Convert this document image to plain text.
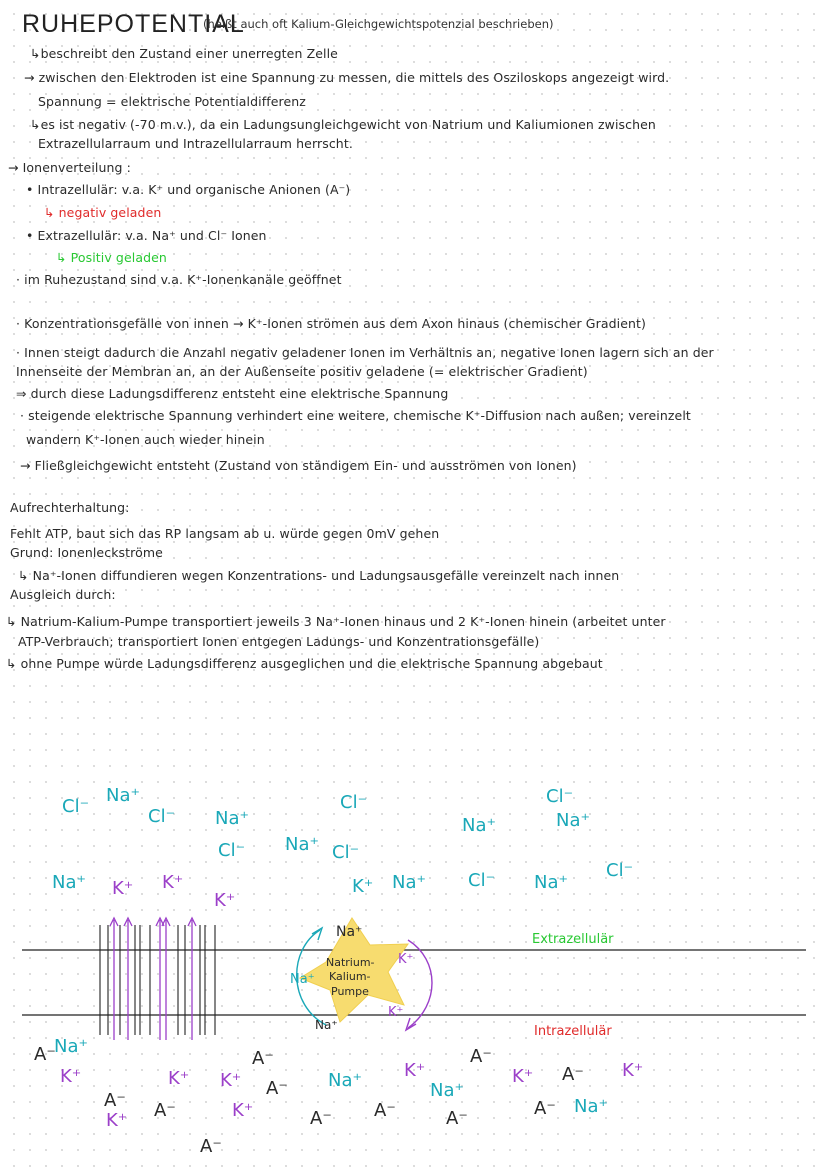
RUHEPOTENTIAL
(heißt auch oft Kalium-Gleichgewichtspotenzial beschrieben)
↳beschreibt den Zustand einer unerregten Zelle
→ zwischen den Elektroden ist eine Spannung zu messen, die mittels des Osziloskops angezeigt wird.
Spannung = elektrische Potentialdifferenz
↳es ist negativ (-70 m.v.), da ein Ladungsungleichgewicht von Natrium und Kaliumionen zwischen
Extrazellularraum und Intrazellularraum herrscht.
→ Ionenverteilung :
• Intrazellulär: v.a. K⁺ und organische Anionen (A⁻)
↳ negativ geladen
• Extrazellulär: v.a. Na⁺ und Cl⁻ Ionen
↳ Positiv geladen
· im Ruhezustand sind v.a. K⁺-Ionenkanäle geöffnet
· Konzentrationsgefälle von innen → K⁺-Ionen strömen aus dem Axon hinaus (chemischer Gradient)
· Innen steigt dadurch die Anzahl negativ geladener Ionen im Verhältnis an, negative Ionen lagern sich an der
Innenseite der Membran an, an der Außenseite positiv geladene (= elektrischer Gradient)
⇒ durch diese Ladungsdifferenz entsteht eine elektrische Spannung
· steigende elektrische Spannung verhindert eine weitere, chemische K⁺-Diffusion nach außen; vereinzelt
wandern K⁺-Ionen auch wieder hinein
→ Fließgleichgewicht entsteht (Zustand von ständigem Ein- und ausströmen von Ionen)
Aufrechterhaltung:
Fehlt ATP, baut sich das RP langsam ab u. würde gegen 0mV gehen
Grund: Ionenleckströme
↳ Na⁺-Ionen diffundieren wegen Konzentrations- und Ladungsausgefälle vereinzelt nach innen
Ausgleich durch:
↳ Natrium-Kalium-Pumpe transportiert jeweils 3 Na⁺-Ionen hinaus und 2 K⁺-Ionen hinein (arbeitet unter
ATP-Verbrauch; transportiert Ionen entgegen Ladungs- und Konzentrationsgefälle)
↳ ohne Pumpe würde Ladungsdifferenz ausgeglichen und die elektrische Spannung abgebaut
Natrium-
Kalium-
Pumpe
Na⁺
Na⁺
Na⁺
K⁺
K⁺
Extrazellulär
Intrazellulär
Cl⁻
Na⁺
Na⁺
Cl⁻
Na⁺
Cl⁻
Cl⁻
Na⁺
Na⁺
Cl⁻
Na⁺ Cl⁻
K⁺	Na⁺
Cl⁻
Na⁺
Cl⁻
K⁺ K⁺
K⁺
A⁻
Na⁺
K⁺
A⁻
K⁺
K⁺
A⁻
K⁺
A⁻
K⁺
A⁻ Na⁺ K⁺
A⁻
Na⁺
A⁻
K⁺
A⁻
K⁺
A⁻
A⁻
Na⁺
A⁻
A⁻
